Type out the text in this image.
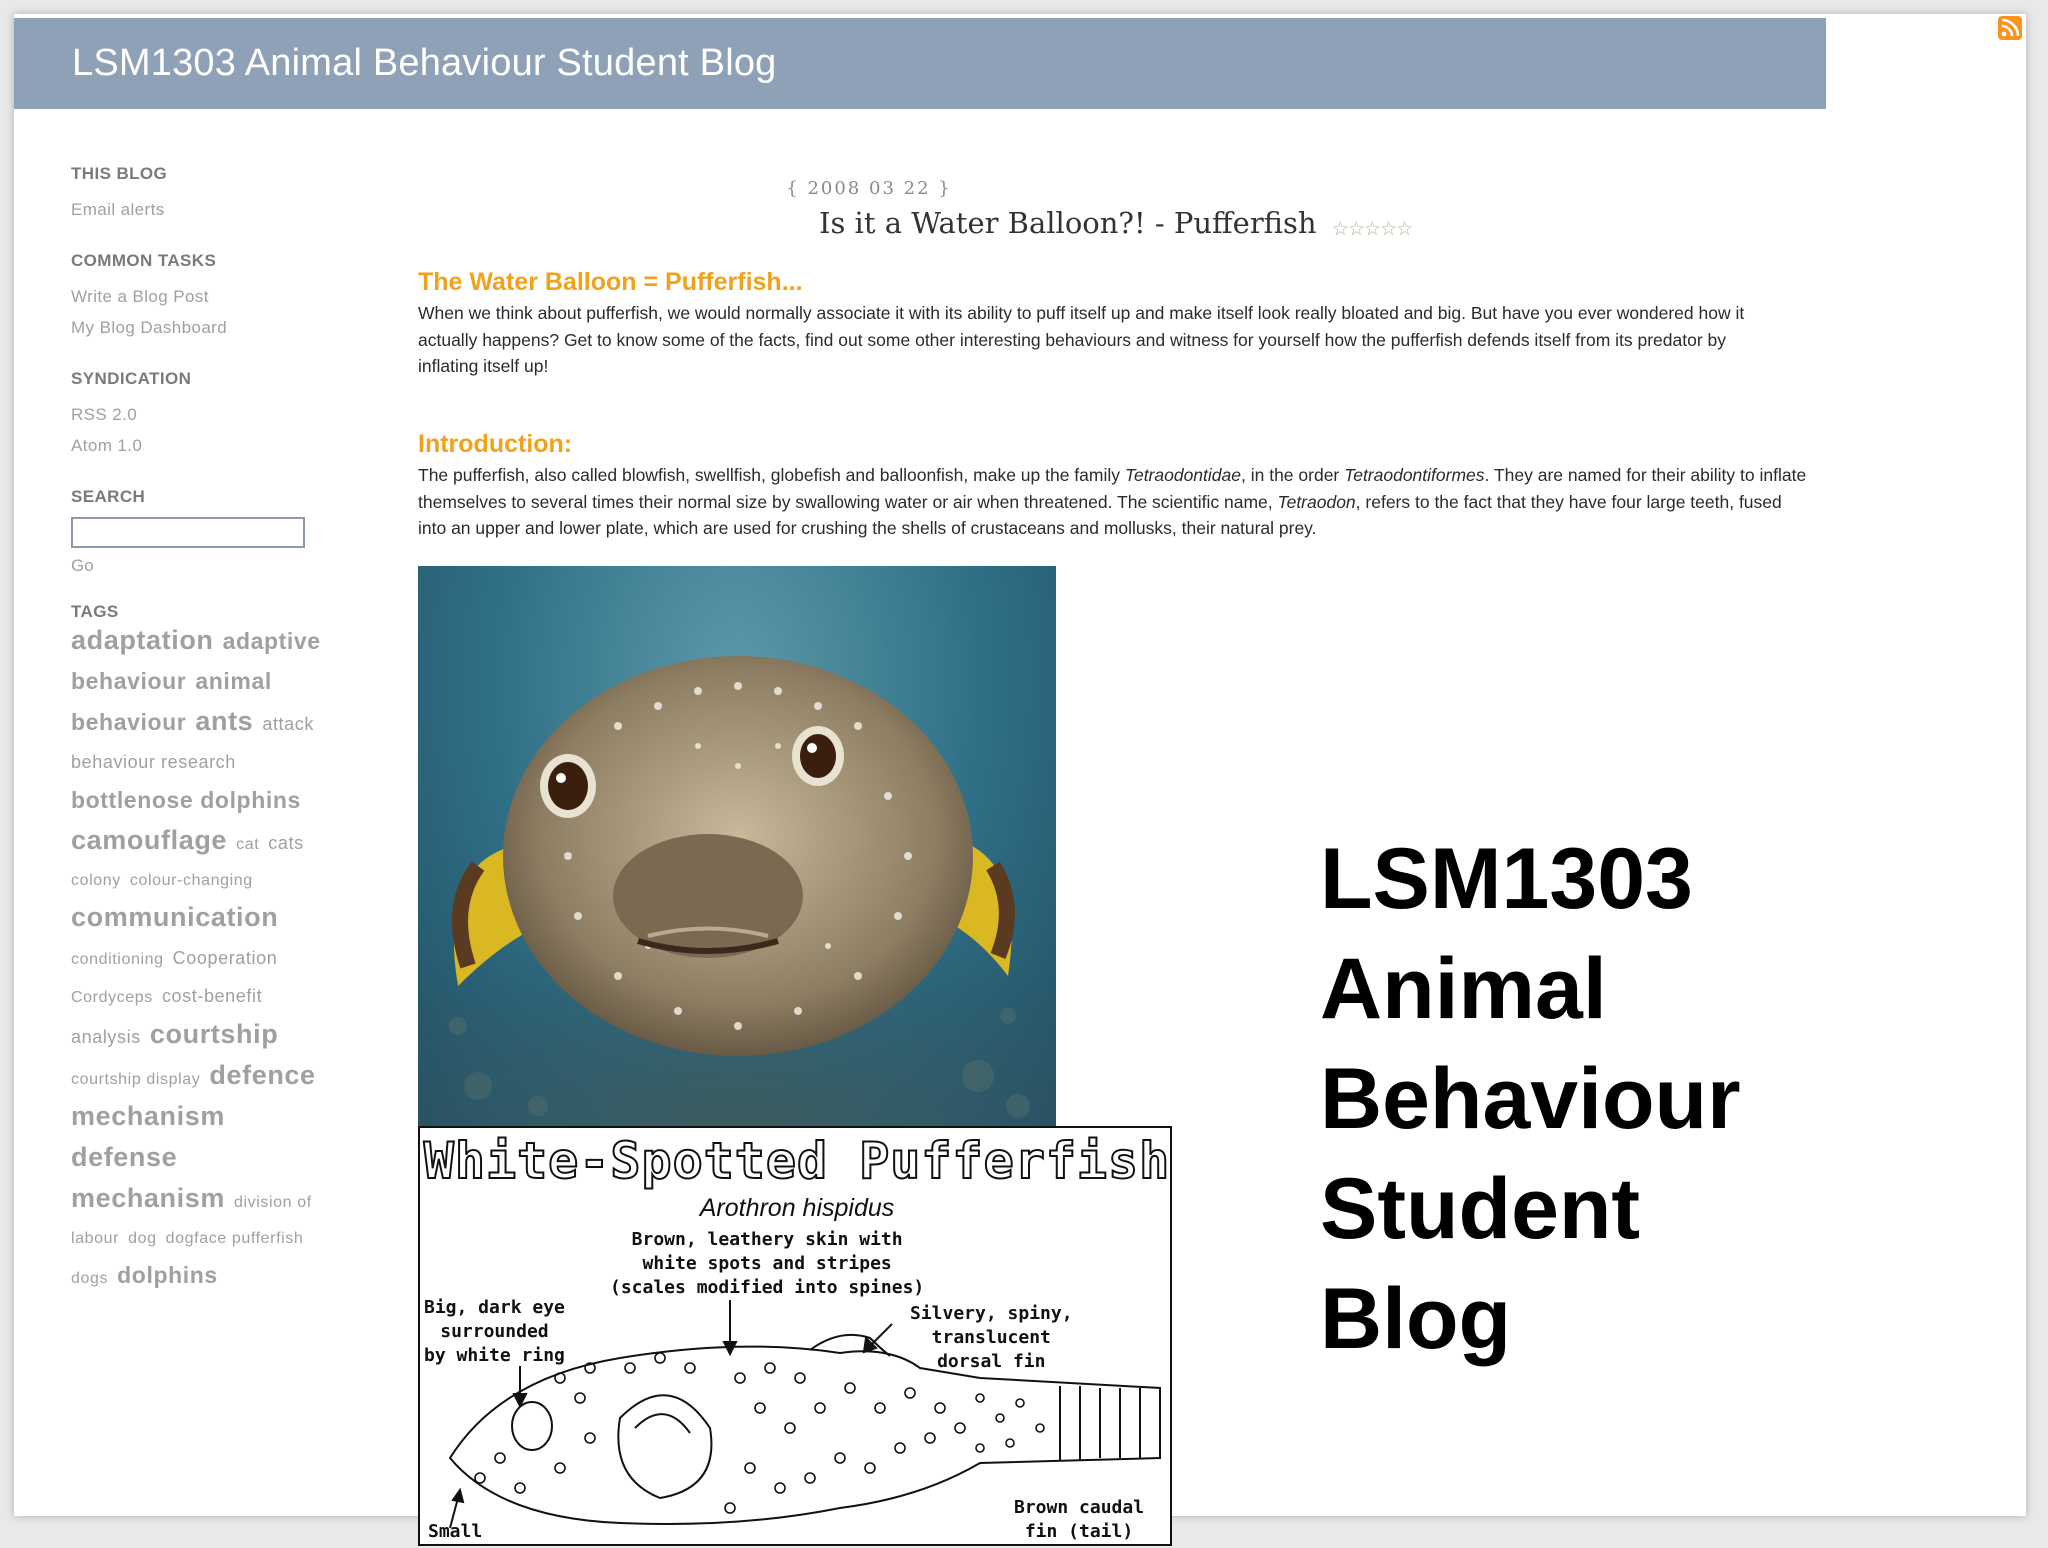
LSM1303 Animal Behaviour Student Blog
THIS BLOG
Email alerts
COMMON TASKS
Write a Blog Post
My Blog Dashboard
SYNDICATION
RSS 2.0
Atom 1.0
SEARCH
Go
TAGS
adaptation adaptive behaviour animal behaviour ants attack behaviour research bottlenose dolphins camouflage cat cats colony colour-changing communication conditioning Cooperation Cordyceps cost-benefit analysis courtship courtship display defence mechanism defense mechanism division of labour dog dogface pufferfish dogs dolphins
{ 2008 03 22 }
Is it a Water Balloon?! - Pufferfish ☆☆☆☆☆
The Water Balloon = Pufferfish...
When we think about pufferfish, we would normally associate it with its ability to puff itself up and make itself look really bloated and big. But have you ever wondered how it actually happens? Get to know some of the facts, find out some other interesting behaviours and witness for yourself how the pufferfish defends itself from its predator by inflating itself up!
Introduction:
The pufferfish, also called blowfish, swellfish, globefish and balloonfish, make up the family Tetraodontidae, in the order Tetraodontiformes. They are named for their ability to inflate themselves to several times their normal size by swallowing water or air when threatened. The scientific name, Tetraodon, refers to the fact that they have four large teeth, fused into an upper and lower plate, which are used for crushing the shells of crustaceans and mollusks, their natural prey.
White-Spotted Pufferfish
Arothron hispidus
Brown, leathery skin with
white spots and stripes
(scales modified into spines)
Big, dark eye
surrounded
by white ring
Silvery, spiny,
translucent
dorsal fin
Brown caudal
fin (tail)
Small
LSM1303
Animal
Behaviour
Student
Blog
